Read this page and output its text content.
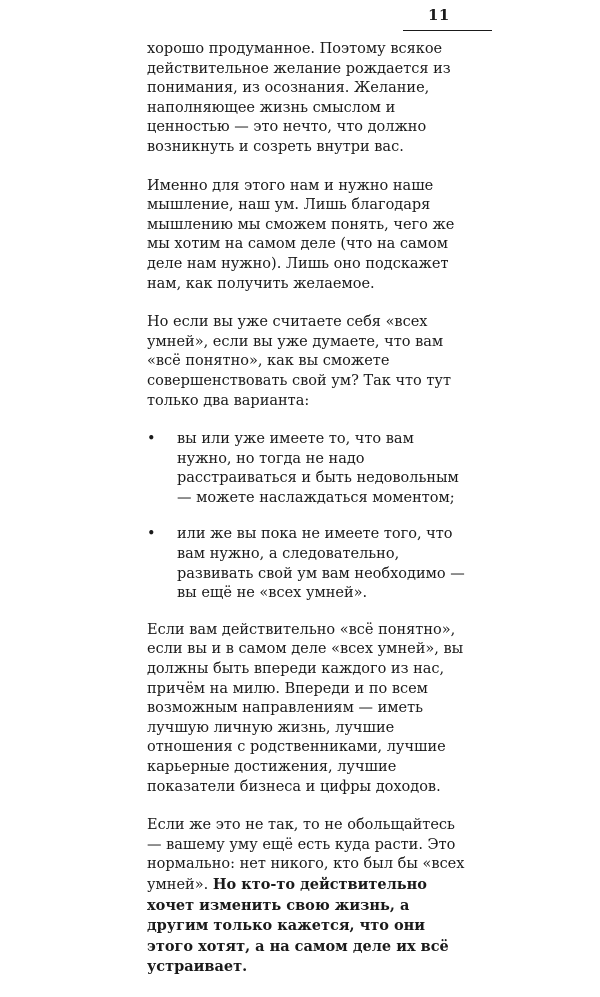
11

хорошо продуманное. Поэтому всякое действительное желание рождается из понимания, из осознания. Желание, наполняющее жизнь смыслом и ценностью — это нечто, что должно возникнуть и созреть внутри вас.

Именно для этого нам и нужно наше мышление, наш ум. Лишь благодаря мышлению мы сможем понять, чего же мы хотим на самом деле (что на самом деле нам нужно). Лишь оно подскажет нам, как получить желаемое.

Но если вы уже считаете себя «всех умней», если вы уже думаете, что вам «всё понятно», как вы сможете совершенствовать свой ум? Так что тут только два варианта:

• вы или уже имеете то, что вам нужно, но тогда не надо расстраиваться и быть недовольным — можете наслаждаться моментом;
• или же вы пока не имеете того, что вам нужно, а следовательно, развивать свой ум вам необходимо — вы ещё не «всех умней».

Если вам действительно «всё понятно», если вы и в самом деле «всех умней», вы должны быть впереди каждого из нас, причём на милю. Впереди и по всем возможным направлениям — иметь лучшую личную жизнь, лучшие отношения с родственниками, лучшие карьерные достижения, лучшие показатели бизнеса и цифры доходов.

Если же это не так, то не обольщайтесь — вашему уму ещё есть куда расти. Это нормально: нет никого, кто был бы «всех умней». Но кто-то действительно хочет изменить свою жизнь, а другим только кажется, что они этого хотят, а на самом деле их всё устраивает.
